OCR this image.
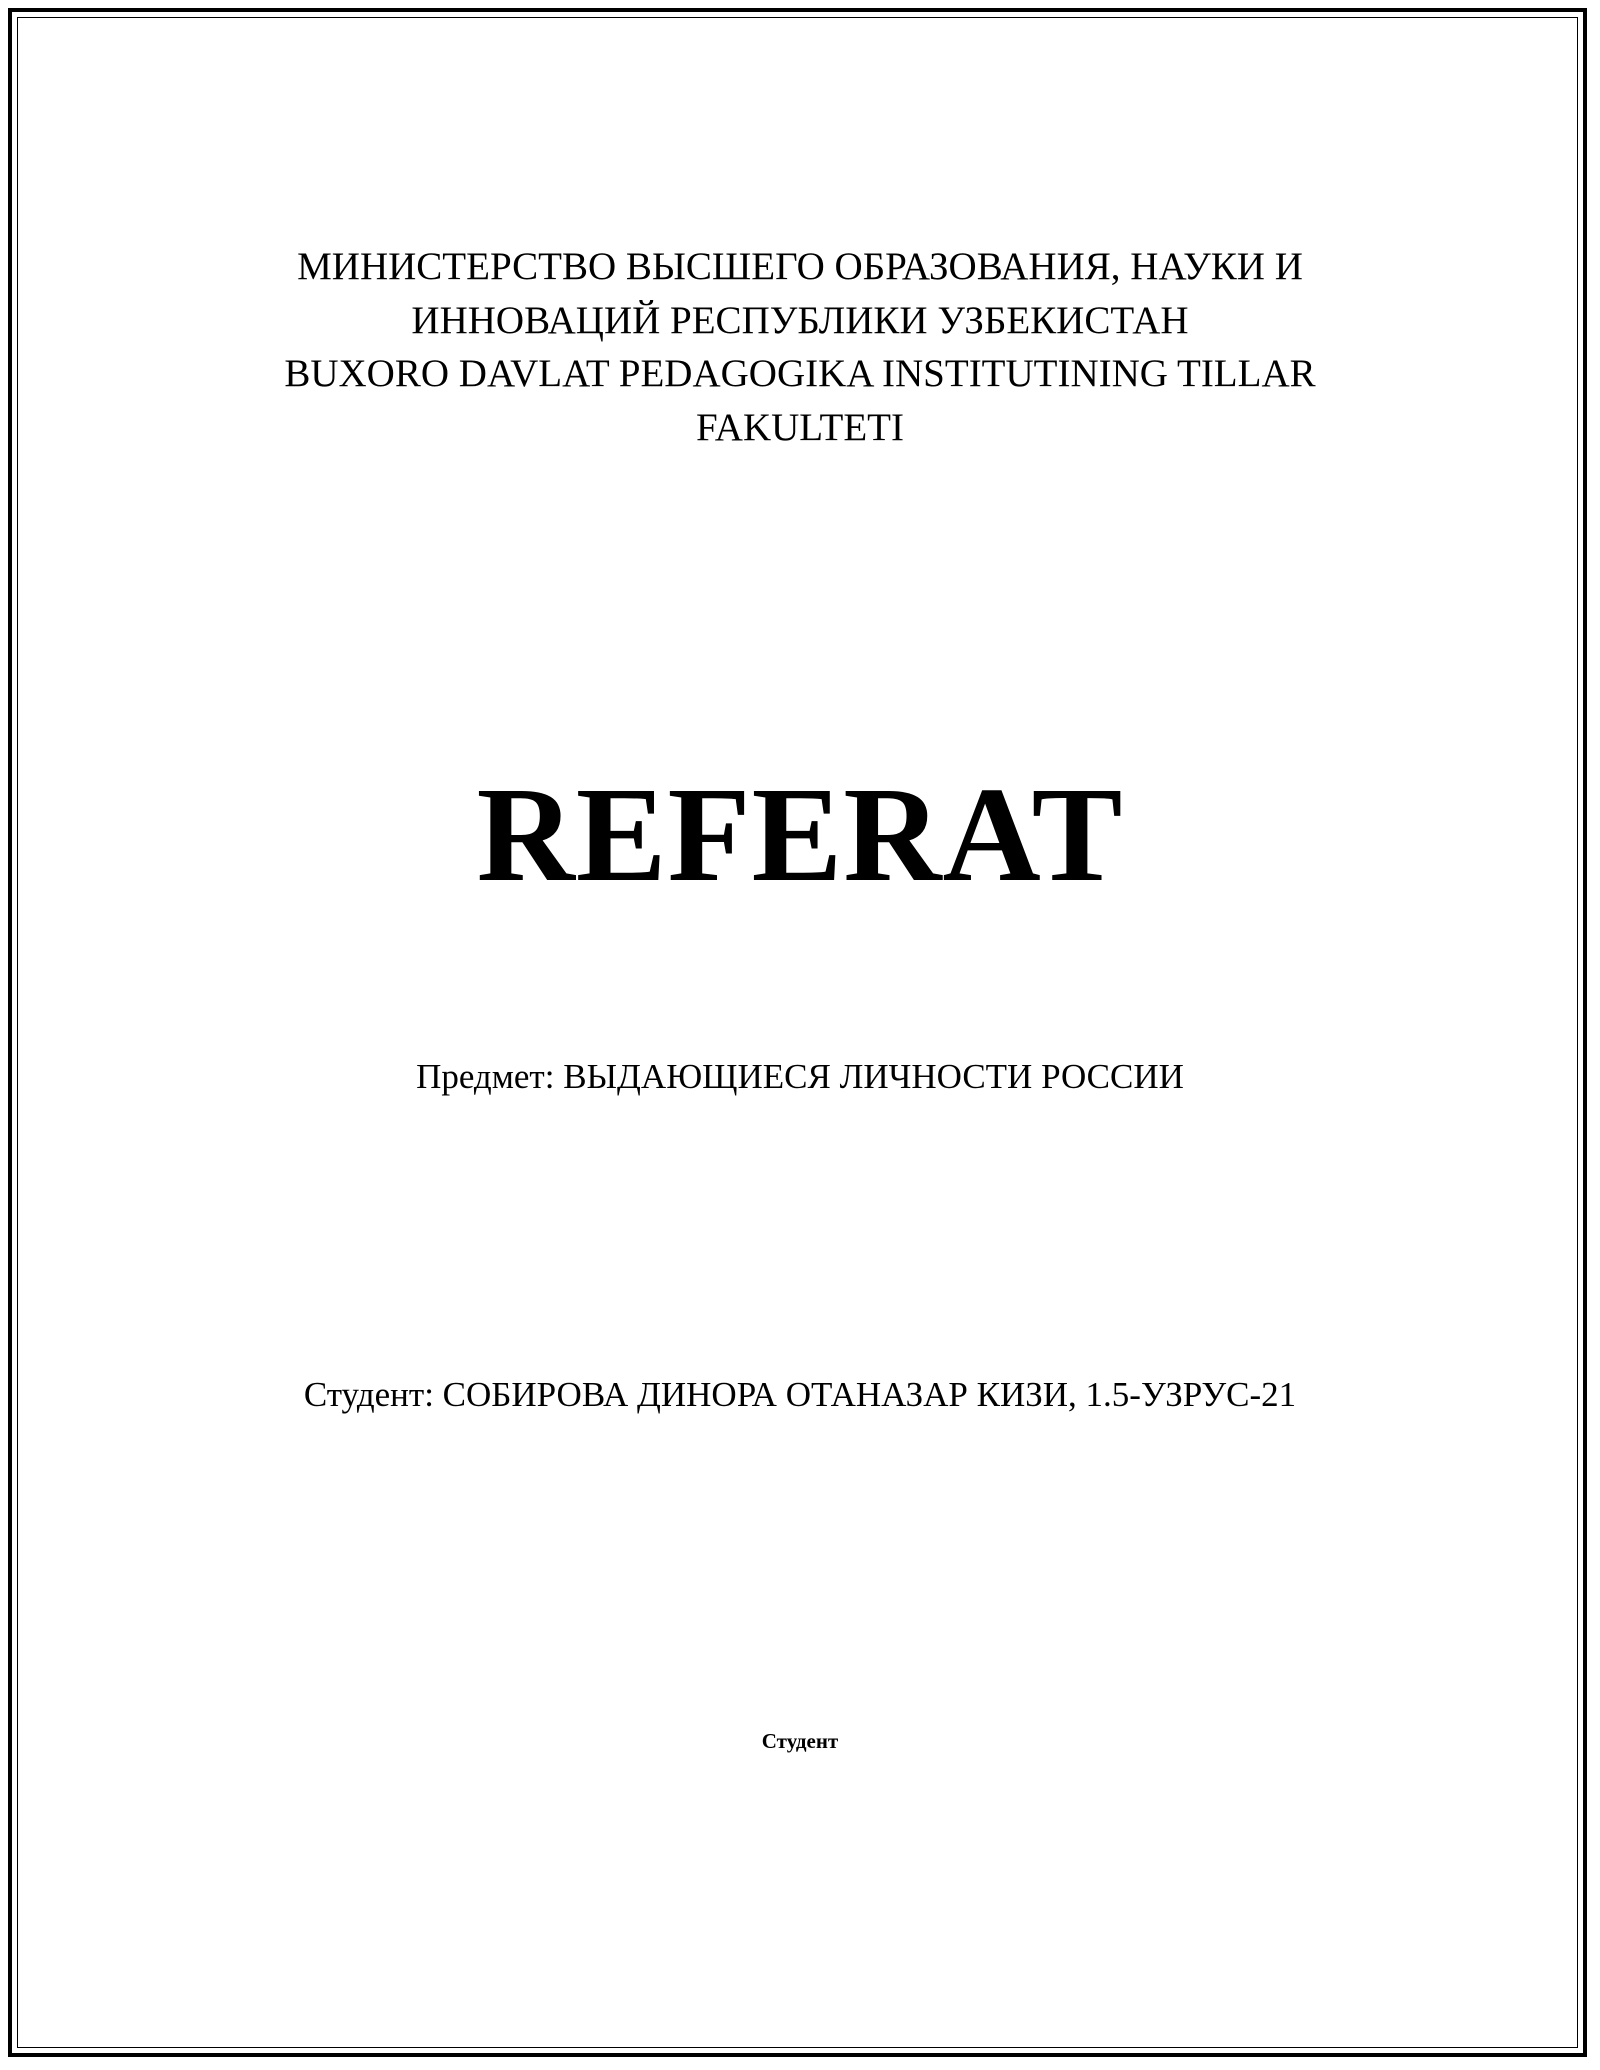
МИНИСТЕРСТВО ВЫСШЕГО ОБРАЗОВАНИЯ, НАУКИ И
ИННОВАЦИЙ РЕСПУБЛИКИ УЗБЕКИСТАН
BUXORO DAVLAT PEDAGOGIKA INSTITUTINING TILLAR
FAKULTETI
REFERAT
Предмет: ВЫДАЮЩИЕСЯ ЛИЧНОСТИ РОССИИ
Студент: СОБИРОВА ДИНОРА ОТАНАЗАР КИЗИ, 1.5-УЗРУС-21
Студент
